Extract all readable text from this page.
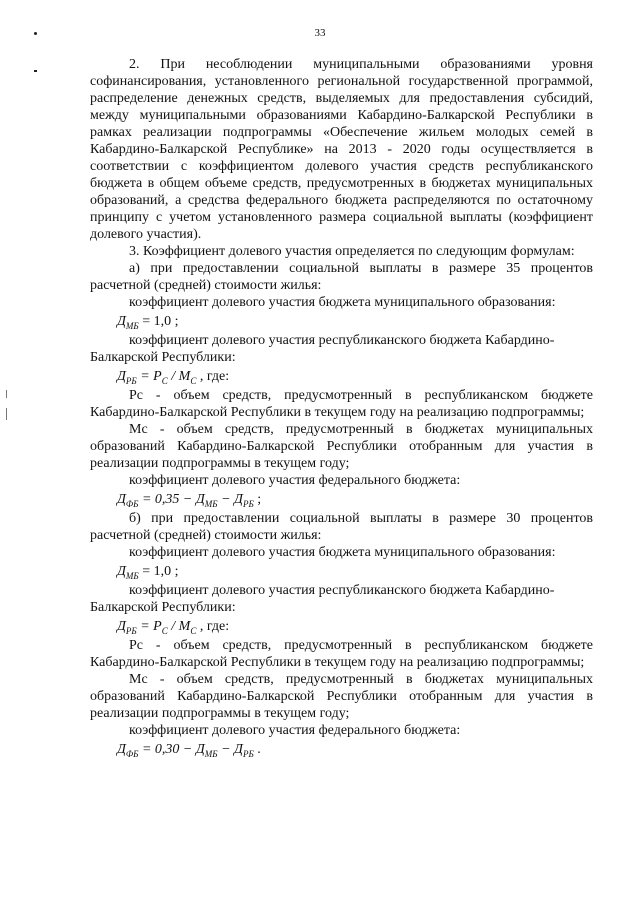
33

2. При несоблюдении муниципальными образованиями уровня софинансирования, установленного региональной государственной программой, распределение денежных средств, выделяемых для предоставления субсидий, между муниципальными образованиями Кабардино-Балкарской Республики в рамках реализации подпрограммы «Обеспечение жильем молодых семей в Кабардино-Балкарской Республике» на 2013 - 2020 годы осуществляется в соответствии с коэффициентом долевого участия средств республиканского бюджета в общем объеме средств, предусмотренных в бюджетах муниципальных образований, а средства федерального бюджета распределяются по остаточному принципу с учетом установленного размера социальной выплаты (коэффициент долевого участия).

3. Коэффициент долевого участия определяется по следующим формулам:

а) при предоставлении социальной выплаты в размере 35 процентов расчетной (средней) стоимости жилья:

коэффициент долевого участия бюджета муниципального образования:

$Д_{МБ} = 1,0$ ;

коэффициент долевого участия республиканского бюджета Кабардино-Балкарской Республики:

$Д_{РБ} = P_С / M_С$ , где:

Pс - объем средств, предусмотренный в республиканском бюджете Кабардино-Балкарской Республики в текущем году на реализацию подпрограммы;

Mс - объем средств, предусмотренный в бюджетах муниципальных образований Кабардино-Балкарской Республики отобранным для участия в реализации подпрограммы в текущем году;

коэффициент долевого участия федерального бюджета:

$Д_{ФБ} = 0,35 - Д_{МБ} - Д_{РБ}$ ;

б) при предоставлении социальной выплаты в размере 30 процентов расчетной (средней) стоимости жилья:

коэффициент долевого участия бюджета муниципального образования:

$Д_{МБ} = 1,0$ ;

коэффициент долевого участия республиканского бюджета Кабардино-Балкарской Республики:

$Д_{РБ} = P_С / M_С$ , где:

Pс - объем средств, предусмотренный в республиканском бюджете Кабардино-Балкарской Республики в текущем году на реализацию подпрограммы;

Mс - объем средств, предусмотренный в бюджетах муниципальных образований Кабардино-Балкарской Республики отобранным для участия в реализации подпрограммы в текущем году;

коэффициент долевого участия федерального бюджета:

$Д_{ФБ} = 0,30 - Д_{МБ} - Д_{РБ}$ .
